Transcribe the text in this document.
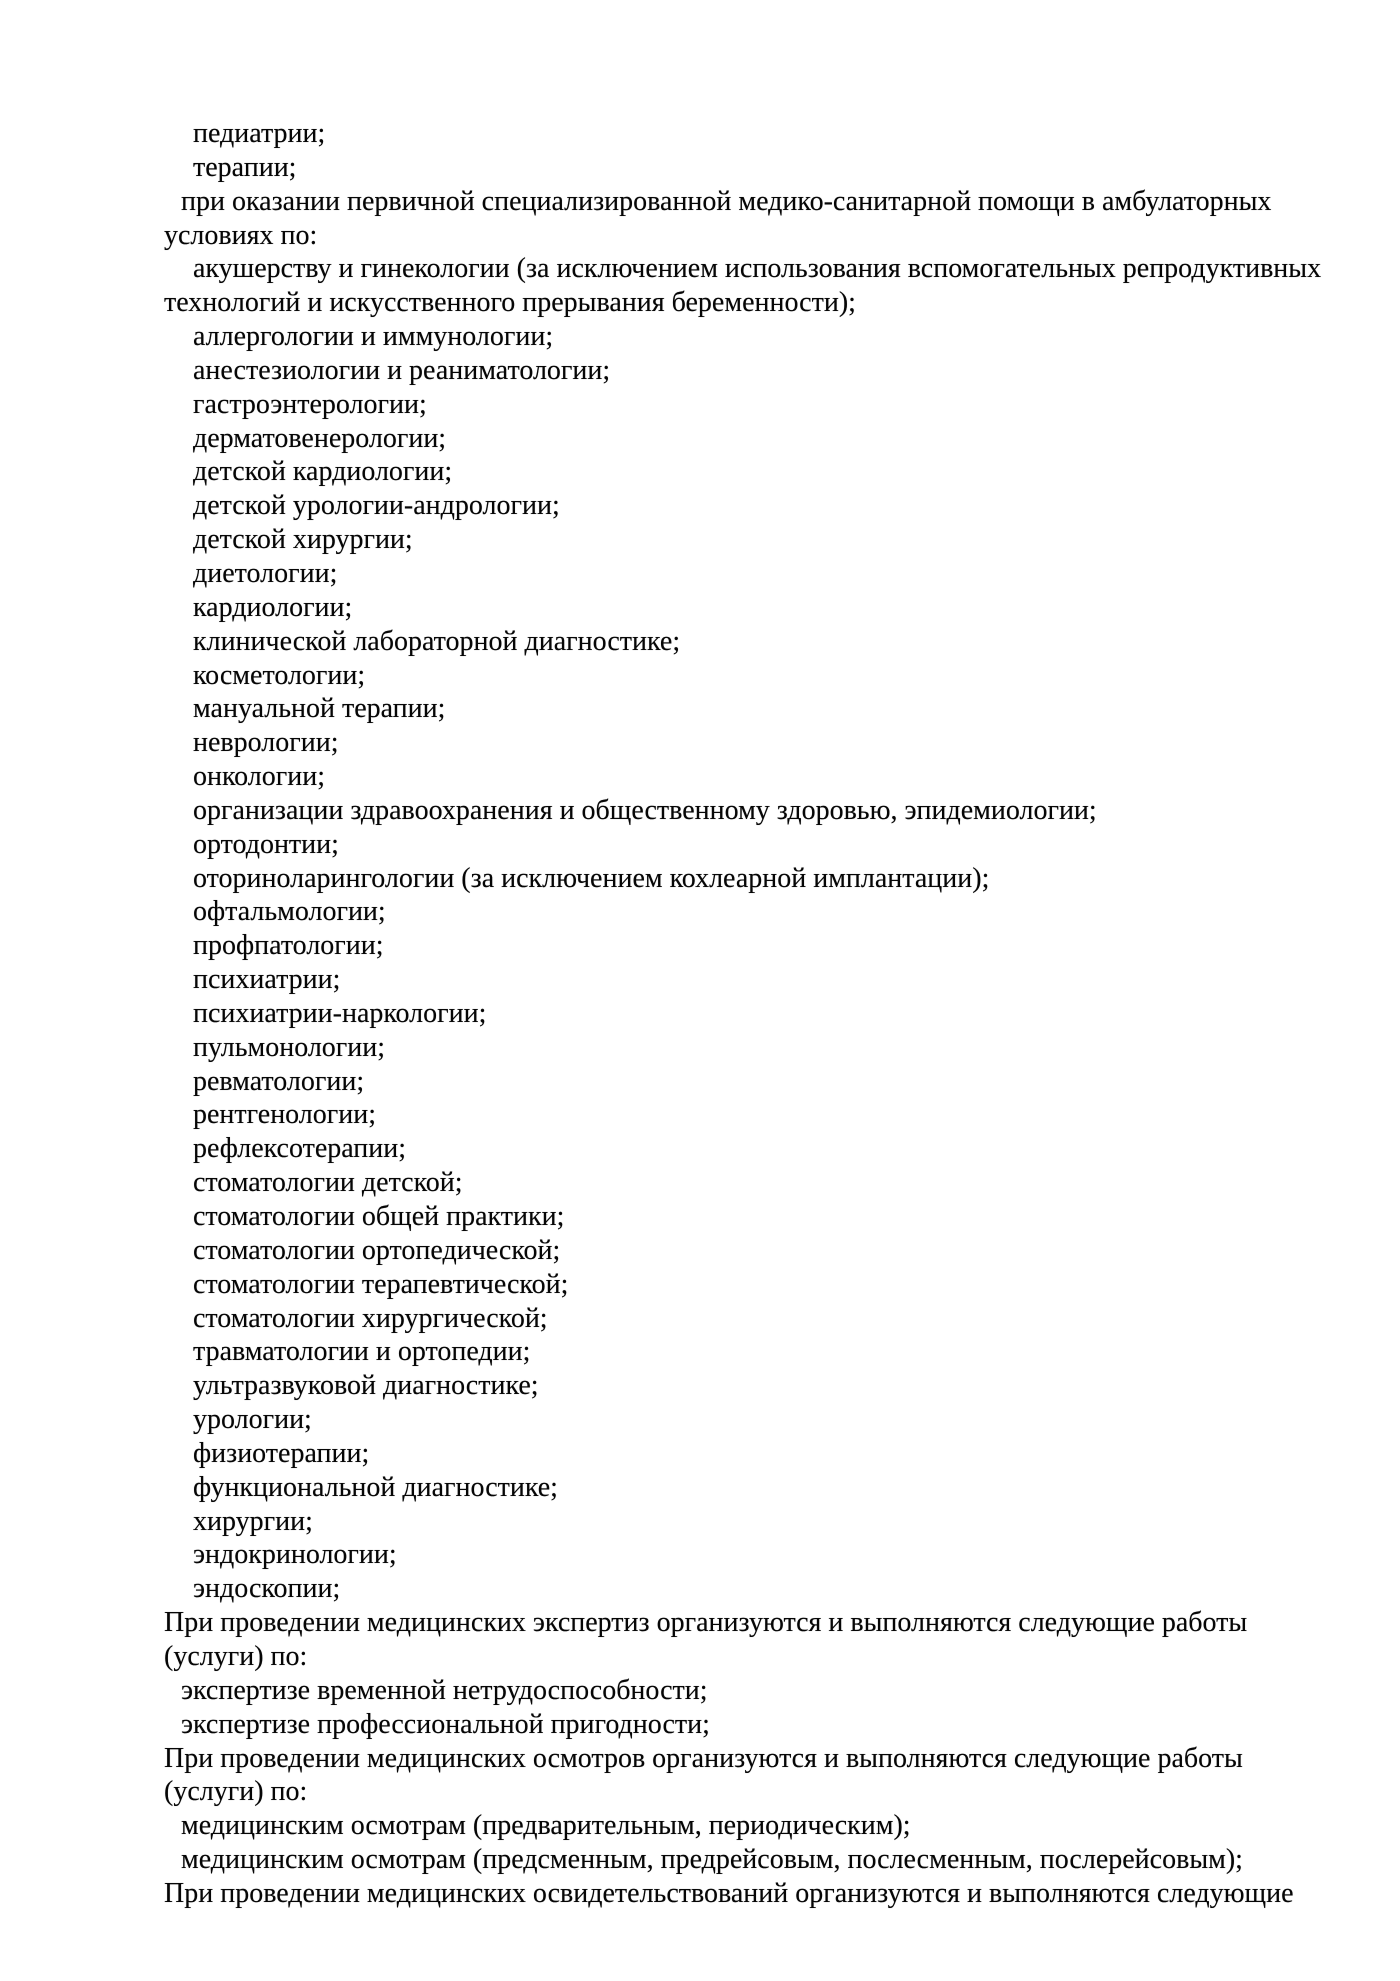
педиатрии;
терапии;
при оказании первичной специализированной медико-санитарной помощи в амбулаторных
условиях по:
акушерству и гинекологии (за исключением использования вспомогательных репродуктивных
технологий и искусственного прерывания беременности);
аллергологии и иммунологии;
анестезиологии и реаниматологии;
гастроэнтерологии;
дерматовенерологии;
детской кардиологии;
детской урологии-андрологии;
детской хирургии;
диетологии;
кардиологии;
клинической лабораторной диагностике;
косметологии;
мануальной терапии;
неврологии;
онкологии;
организации здравоохранения и общественному здоровью, эпидемиологии;
ортодонтии;
оториноларингологии (за исключением кохлеарной имплантации);
офтальмологии;
профпатологии;
психиатрии;
психиатрии-наркологии;
пульмонологии;
ревматологии;
рентгенологии;
рефлексотерапии;
стоматологии детской;
стоматологии общей практики;
стоматологии ортопедической;
стоматологии терапевтической;
стоматологии хирургической;
травматологии и ортопедии;
ультразвуковой диагностике;
урологии;
физиотерапии;
функциональной диагностике;
хирургии;
эндокринологии;
эндоскопии;
При проведении медицинских экспертиз организуются и выполняются следующие работы
(услуги) по:
экспертизе временной нетрудоспособности;
экспертизе профессиональной пригодности;
При проведении медицинских осмотров организуются и выполняются следующие работы
(услуги) по:
медицинским осмотрам (предварительным, периодическим);
медицинским осмотрам (предсменным, предрейсовым, послесменным, послерейсовым);
При проведении медицинских освидетельствований организуются и выполняются следующие
